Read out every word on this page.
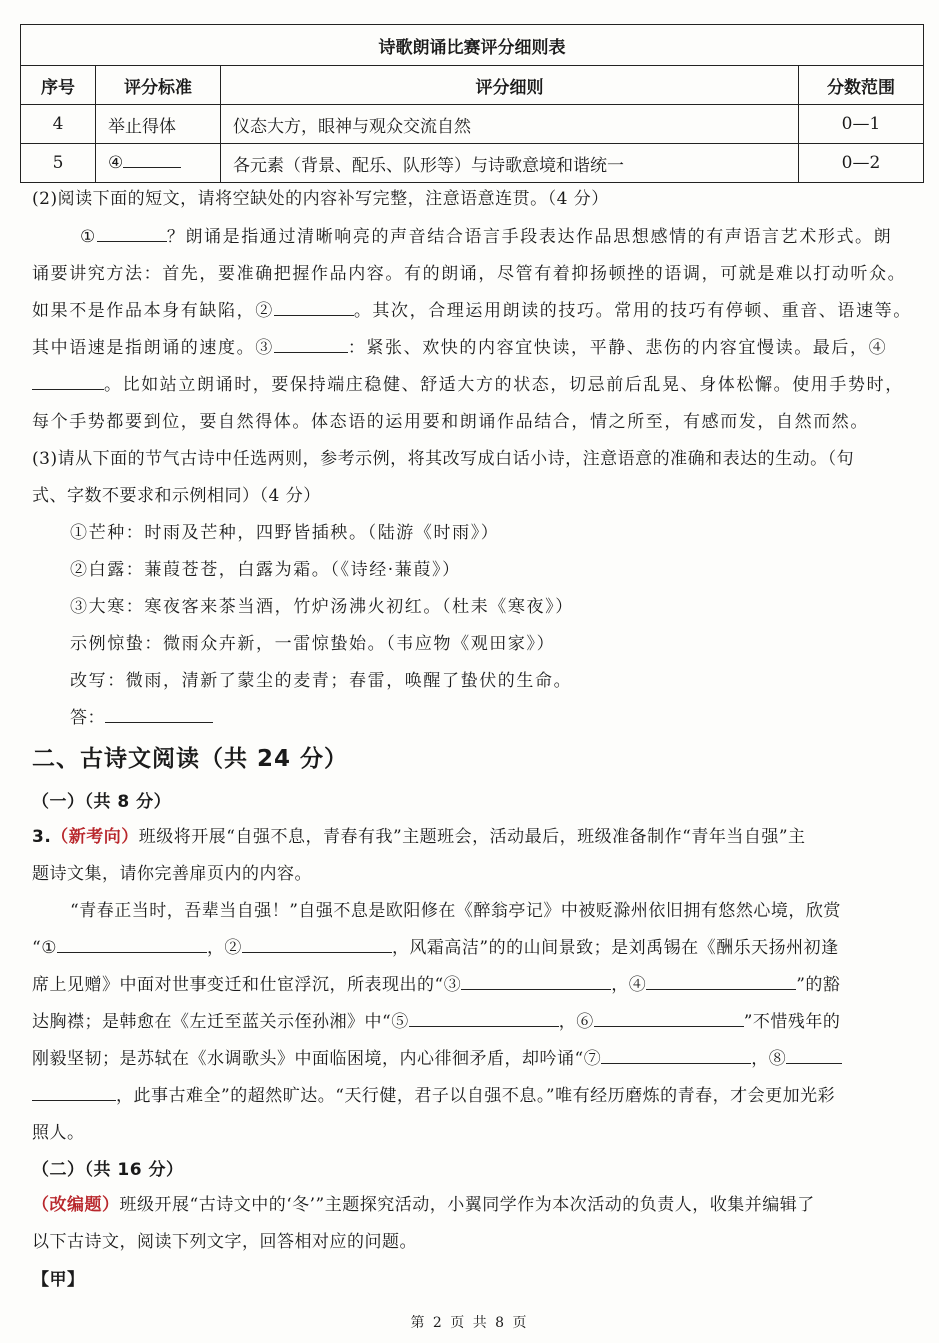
诗歌朗诵比赛评分细则表			
序号	评分标准	评分细则	分数范围
4	举止得体	仪态大方，眼神与观众交流自然	0—1
5	④	各元素（背景、配乐、队形等）与诗歌意境和谐统一	0—2
(2)阅读下面的短文，请将空缺处的内容补写完整，注意语意连贯。（4 分）
①	？朗诵是指通过清晰响亮的声音结合语言手段表达作品思想感情的有声语言艺术形式。朗
诵要讲究方法：首先，要准确把握作品内容。有的朗诵，尽管有着抑扬顿挫的语调，可就是难以打动听众。
如果不是作品本身有缺陷，②	。其次，合理运用朗读的技巧。常用的技巧有停顿、重音、语速等。
其中语速是指朗诵的速度。③	：紧张、欢快的内容宜快读，平静、悲伤的内容宜慢读。最后，④
。比如站立朗诵时，要保持端庄稳健、舒适大方的状态，切忌前后乱晃、身体松懈。使用手势时，
每个手势都要到位，要自然得体。体态语的运用要和朗诵作品结合，情之所至，有感而发，自然而然。
(3)请从下面的节气古诗中任选两则，参考示例，将其改写成白话小诗，注意语意的准确和表达的生动。（句
式、字数不要求和示例相同）（4 分）
①芒种：时雨及芒种，四野皆插秧。（陆游《时雨》）
②白露：蒹葭苍苍，白露为霜。（《诗经·蒹葭》）
③大寒：寒夜客来茶当酒，竹炉汤沸火初红。（杜耒《寒夜》）
示例惊蛰：微雨众卉新，一雷惊蛰始。（韦应物《观田家》）
改写：微雨，清新了蒙尘的麦青；春雷，唤醒了蛰伏的生命。
答：
二、古诗文阅读（共 24 分）
（一）（共 8 分）
3.（新考向）班级将开展“自强不息，青春有我”主题班会，活动最后，班级准备制作“青年当自强”主
题诗文集，请你完善扉页内的内容。
“青春正当时，吾辈当自强！”自强不息是欧阳修在《醉翁亭记》中被贬滁州依旧拥有悠然心境，欣赏
“①	，②	，风霜高洁”的的山间景致；是刘禹锡在《酬乐天扬州初逢
席上见赠》中面对世事变迁和仕宦浮沉，所表现出的“③	，④	”的豁
达胸襟；是韩愈在《左迁至蓝关示侄孙湘》中“⑤	，⑥	”不惜残年的
刚毅坚韧；是苏轼在《水调歌头》中面临困境，内心徘徊矛盾，却吟诵“⑦	，⑧
，此事古难全”的超然旷达。“天行健，君子以自强不息。”唯有经历磨炼的青春，才会更加光彩
照人。
（二）（共 16 分）
（改编题）班级开展“古诗文中的‘冬’”主题探究活动，小翼同学作为本次活动的负责人，收集并编辑了
以下古诗文，阅读下列文字，回答相对应的问题。
【甲】
第 2 页 共 8 页
